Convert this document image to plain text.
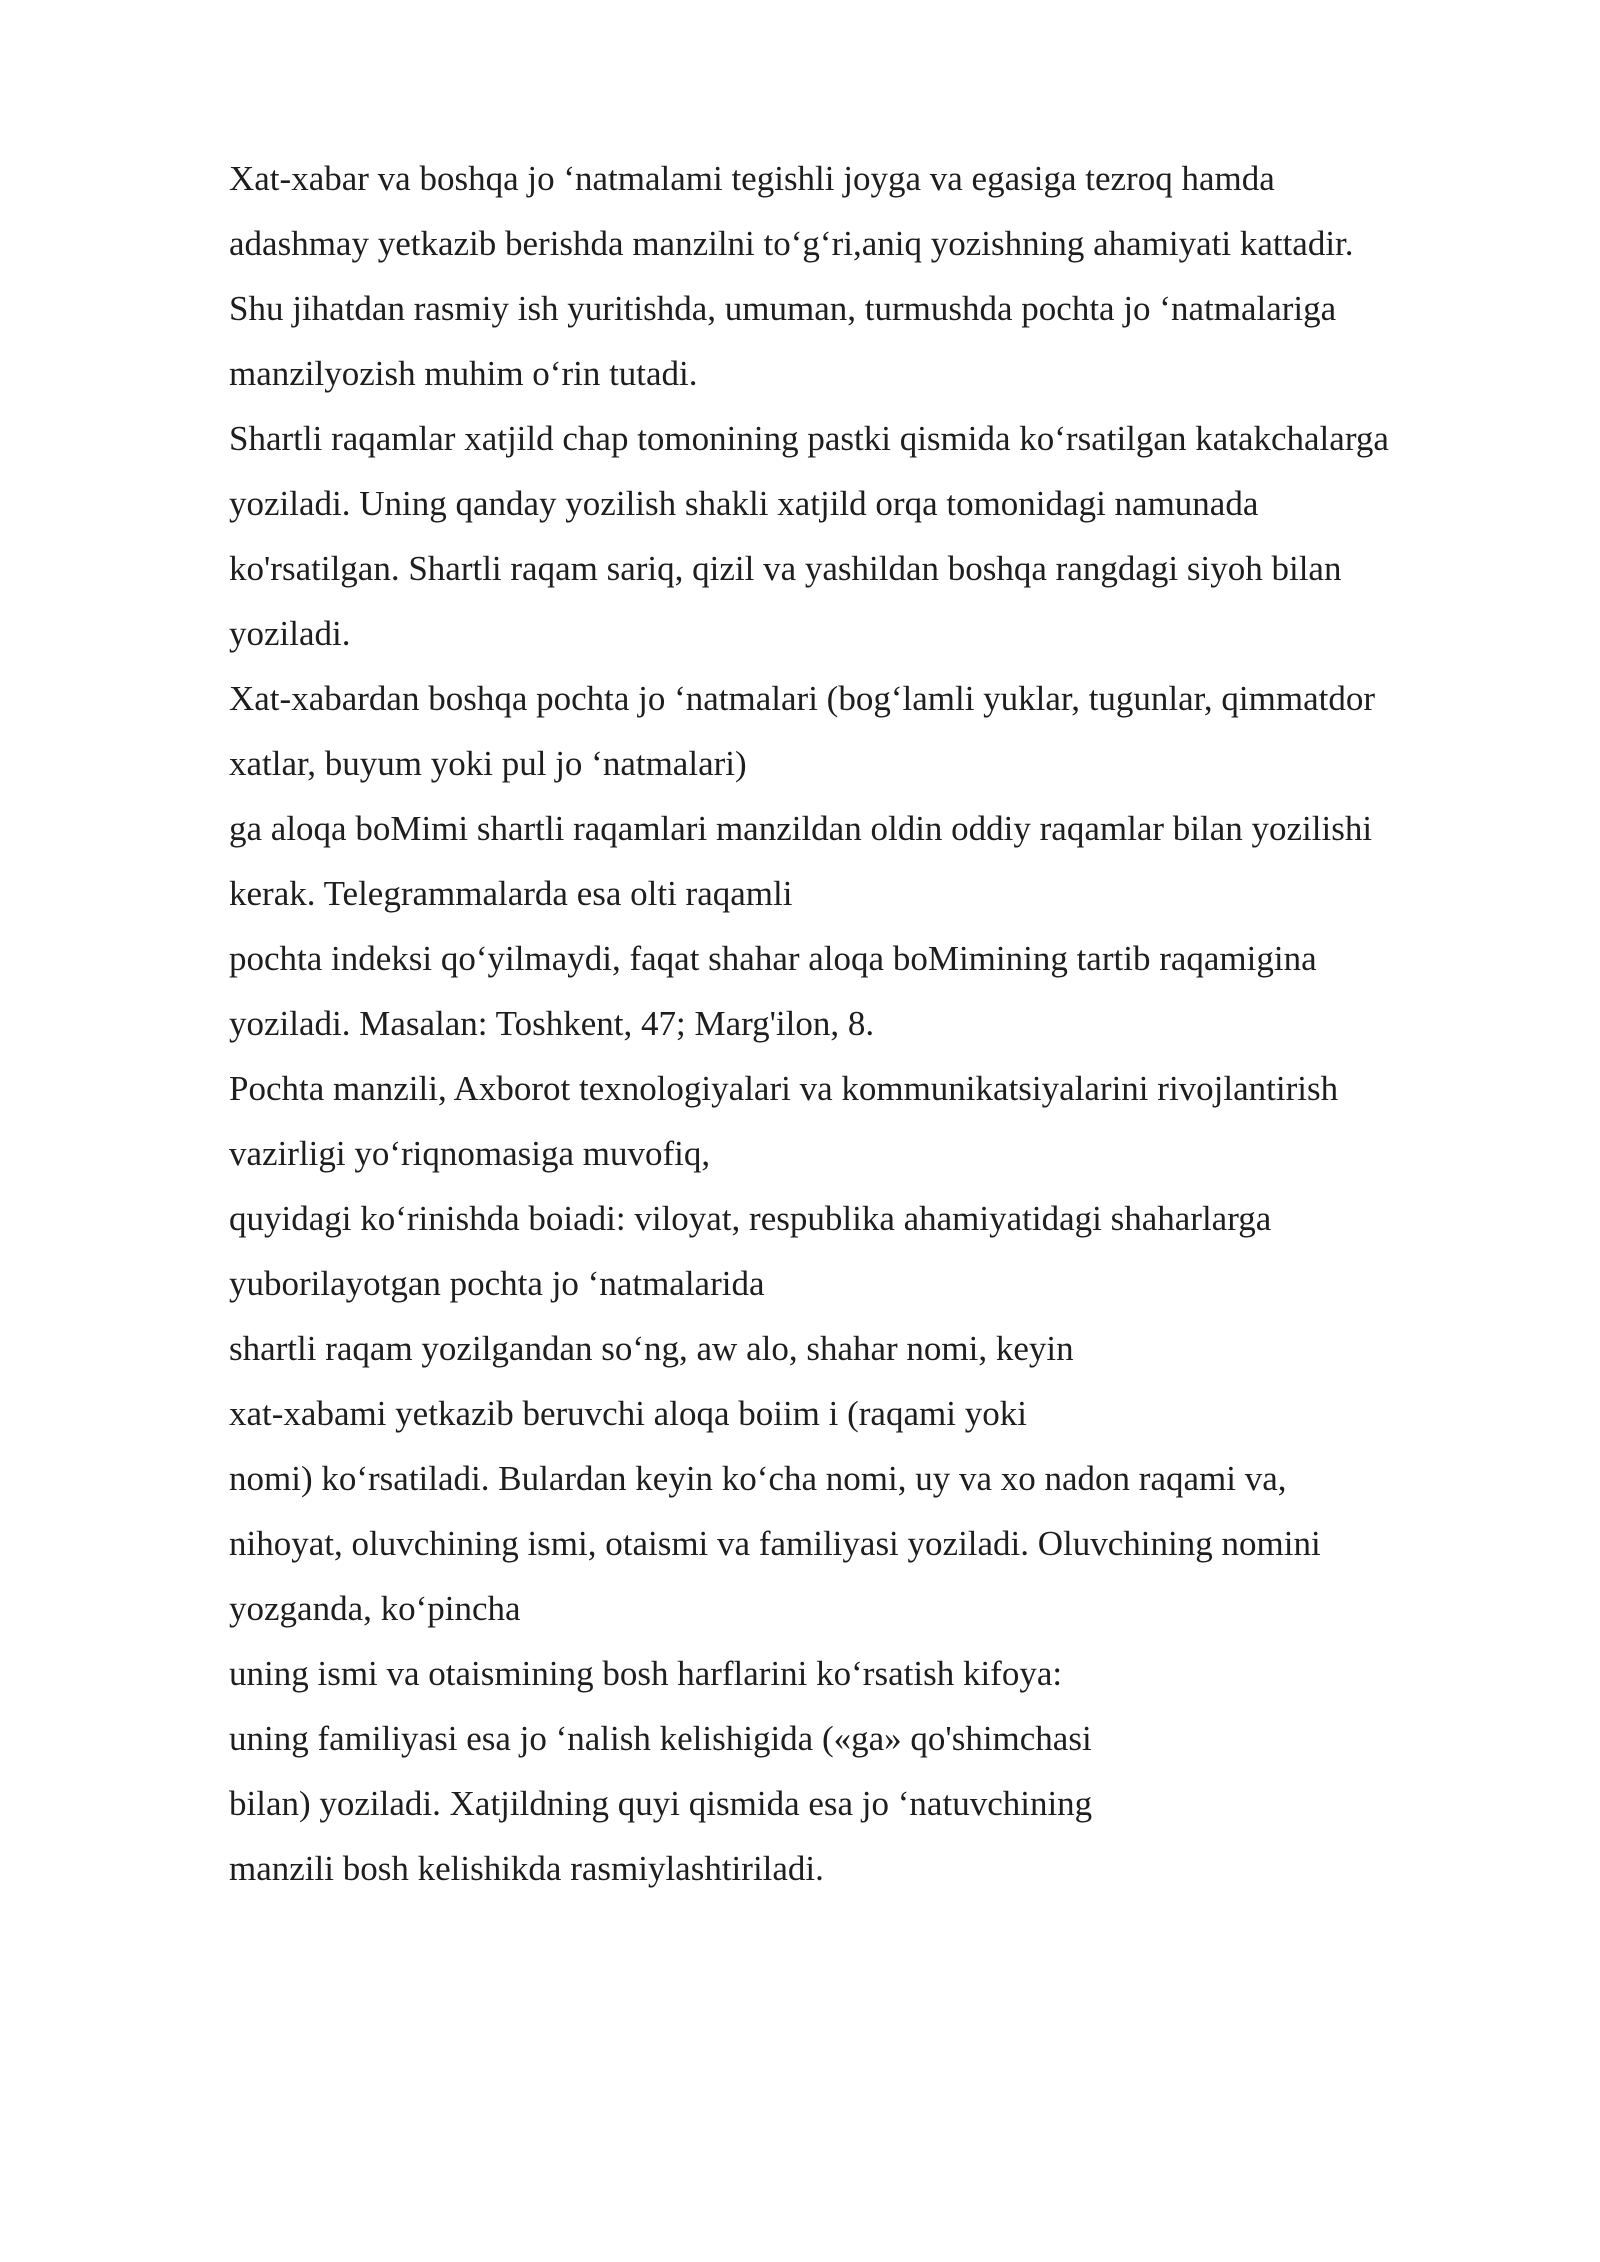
Xat-xabar va boshqa jo ‘natmalami tegishli joyga va egasiga tezroq hamda
adashmay yetkazib berishda manzilni to‘g‘ri,aniq yozishning ahamiyati kattadir.
Shu jihatdan rasmiy ish yuritishda, umuman, turmushda pochta jo ‘natmalariga
manzilyozish muhim o‘rin tutadi.
Shartli raqamlar xatjild chap tomonining pastki qismida ko‘rsatilgan katakchalarga
yoziladi. Uning qanday yozilish shakli xatjild orqa tomonidagi namunada
ko'rsatilgan. Shartli raqam sariq, qizil va yashildan boshqa rangdagi siyoh bilan
yoziladi.
Xat-xabardan boshqa pochta jo ‘natmalari (bog‘lamli yuklar, tugunlar, qimmatdor
xatlar, buyum yoki pul jo ‘natmalari)
ga aloqa boMimi shartli raqamlari manzildan oldin oddiy raqamlar bilan yozilishi
kerak. Telegrammalarda esa olti raqamli
pochta indeksi qo‘yilmaydi, faqat shahar aloqa boMimining tartib raqamigina
yoziladi. Masalan: Toshkent, 47; Marg'ilon, 8.
Pochta manzili, Axborot texnologiyalari va kommunikatsiyalarini rivojlantirish
vazirligi yo‘riqnomasiga muvofiq,
quyidagi ko‘rinishda boiadi: viloyat, respublika ahamiyatidagi shaharlarga
yuborilayotgan pochta jo ‘natmalarida
shartli raqam yozilgandan so‘ng, aw alo, shahar nomi, keyin
xat-xabami yetkazib beruvchi aloqa boiim i (raqami yoki
nomi) ko‘rsatiladi. Bulardan keyin ko‘cha nomi, uy va xo nadon raqami va,
nihoyat, oluvchining ismi, otaismi va familiyasi yoziladi. Oluvchining nomini
yozganda, ko‘pincha
uning ismi va otaismining bosh harflarini ko‘rsatish kifoya:
uning familiyasi esa jo ‘nalish kelishigida («ga» qo'shimchasi
bilan) yoziladi. Xatjildning quyi qismida esa jo ‘natuvchining
manzili bosh kelishikda rasmiylashtiriladi.
